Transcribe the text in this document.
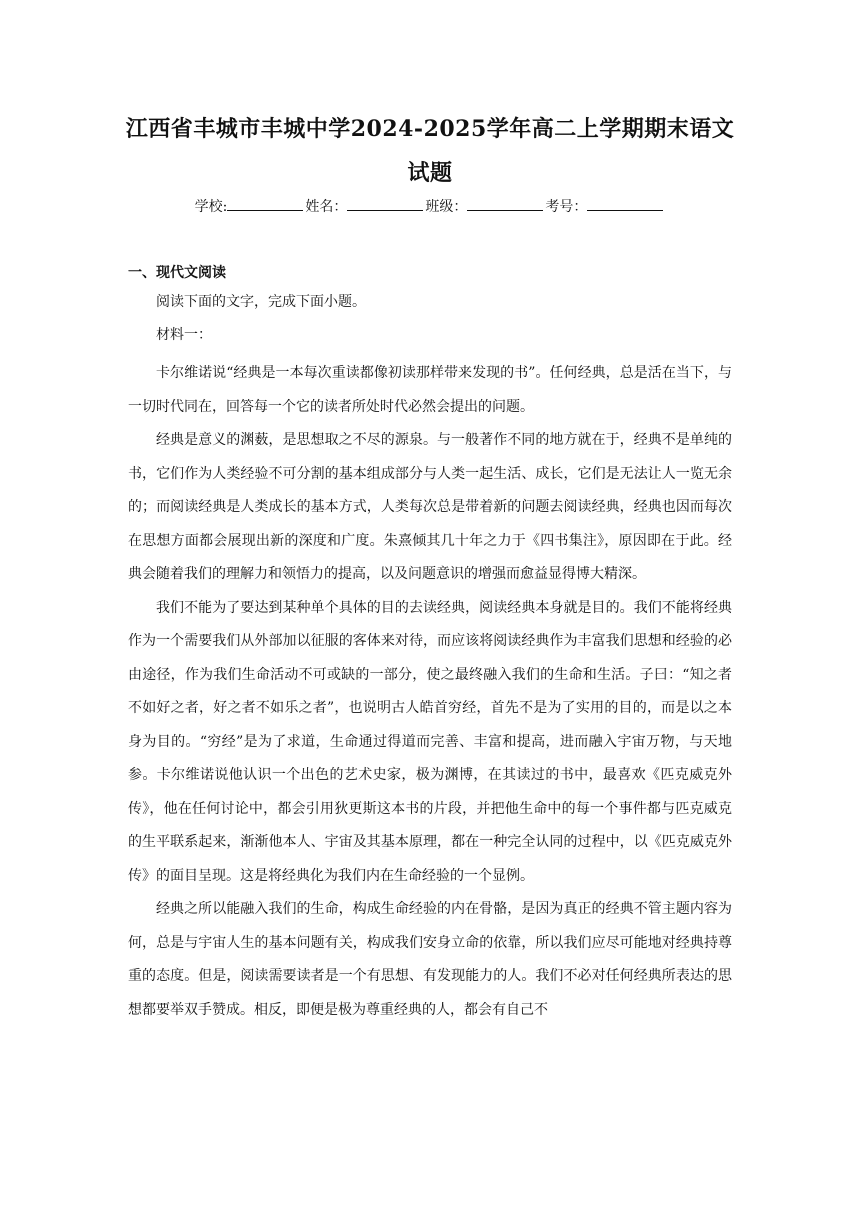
江西省丰城市丰城中学2024-2025学年高二上学期期末语文试题
学校:	姓名：	班级：	考号：
一、现代文阅读
阅读下面的文字，完成下面小题。
材料一：

卡尔维诺说“经典是一本每次重读都像初读那样带来发现的书”。任何经典，总是活在当下，与一切时代同在，回答每一个它的读者所处时代必然会提出的问题。

经典是意义的渊薮，是思想取之不尽的源泉。与一般著作不同的地方就在于，经典不是单纯的书，它们作为人类经验不可分割的基本组成部分与人类一起生活、成长，它们是无法让人一览无余的；而阅读经典是人类成长的基本方式，人类每次总是带着新的问题去阅读经典，经典也因而每次在思想方面都会展现出新的深度和广度。朱熹倾其几十年之力于《四书集注》，原因即在于此。经典会随着我们的理解力和领悟力的提高，以及问题意识的增强而愈益显得博大精深。

我们不能为了要达到某种单个具体的目的去读经典，阅读经典本身就是目的。我们不能将经典作为一个需要我们从外部加以征服的客体来对待，而应该将阅读经典作为丰富我们思想和经验的必由途径，作为我们生命活动不可或缺的一部分，使之最终融入我们的生命和生活。子曰：“知之者不如好之者，好之者不如乐之者”，也说明古人皓首穷经，首先不是为了实用的目的，而是以之本身为目的。“穷经”是为了求道，生命通过得道而完善、丰富和提高，进而融入宇宙万物，与天地参。卡尔维诺说他认识一个出色的艺术史家，极为渊博，在其读过的书中，最喜欢《匹克威克外传》，他在任何讨论中，都会引用狄更斯这本书的片段，并把他生命中的每一个事件都与匹克威克的生平联系起来，渐渐他本人、宇宙及其基本原理，都在一种完全认同的过程中，以《匹克威克外传》的面目呈现。这是将经典化为我们内在生命经验的一个显例。

经典之所以能融入我们的生命，构成生命经验的内在骨骼，是因为真正的经典不管主题内容为何，总是与宇宙人生的基本问题有关，构成我们安身立命的依靠，所以我们应尽可能地对经典持尊重的态度。但是，阅读需要读者是一个有思想、有发现能力的人。我们不必对任何经典所表达的思想都要举双手赞成。相反，即便是极为尊重经典的人，都会有自己不
